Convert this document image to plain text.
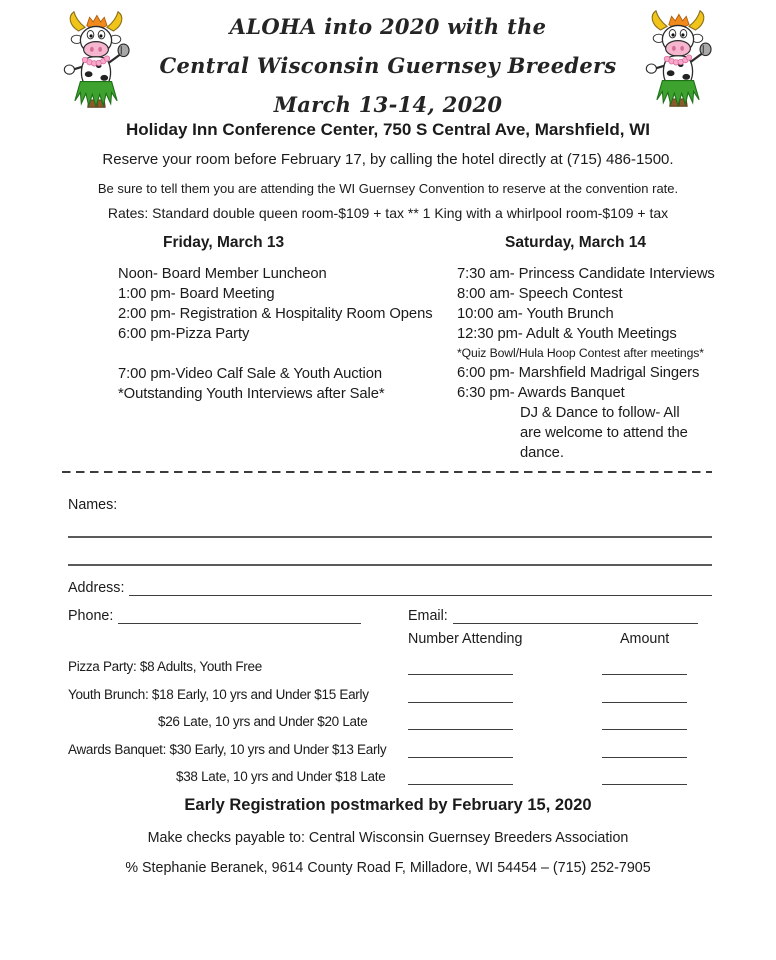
ALOHA into 2020 with the
Central Wisconsin Guernsey Breeders
March 13-14, 2020
Holiday Inn Conference Center, 750 S Central Ave, Marshfield, WI
Reserve your room before February 17, by calling the hotel directly at (715) 486-1500.
Be sure to tell them you are attending the WI Guernsey Convention to reserve at the convention rate.
Rates: Standard double queen room-$109 + tax ** 1 King with a whirlpool room-$109 + tax
Friday, March 13	Saturday, March 14
Noon- Board Member Luncheon
1:00 pm- Board Meeting
2:00 pm- Registration & Hospitality Room Opens
6:00 pm-Pizza Party
7:00 pm-Video Calf Sale & Youth Auction
*Outstanding Youth Interviews after Sale*
7:30 am- Princess Candidate Interviews
8:00 am- Speech Contest
10:00 am- Youth Brunch
12:30 pm- Adult & Youth Meetings
*Quiz Bowl/Hula Hoop Contest after meetings*
6:00 pm- Marshfield Madrigal Singers
6:30 pm- Awards Banquet
DJ & Dance to follow- All
are welcome to attend the
dance.
Names:
Address:
Phone:	Email:
Number Attending	Amount
Pizza Party: $8 Adults, Youth Free
Youth Brunch: $18 Early, 10 yrs and Under $15 Early
$26 Late, 10 yrs and Under $20 Late
Awards Banquet: $30 Early, 10 yrs and Under $13 Early
$38 Late, 10 yrs and Under $18 Late
Early Registration postmarked by February 15, 2020
Make checks payable to: Central Wisconsin Guernsey Breeders Association
% Stephanie Beranek, 9614 County Road F, Milladore, WI 54454 – (715) 252-7905
